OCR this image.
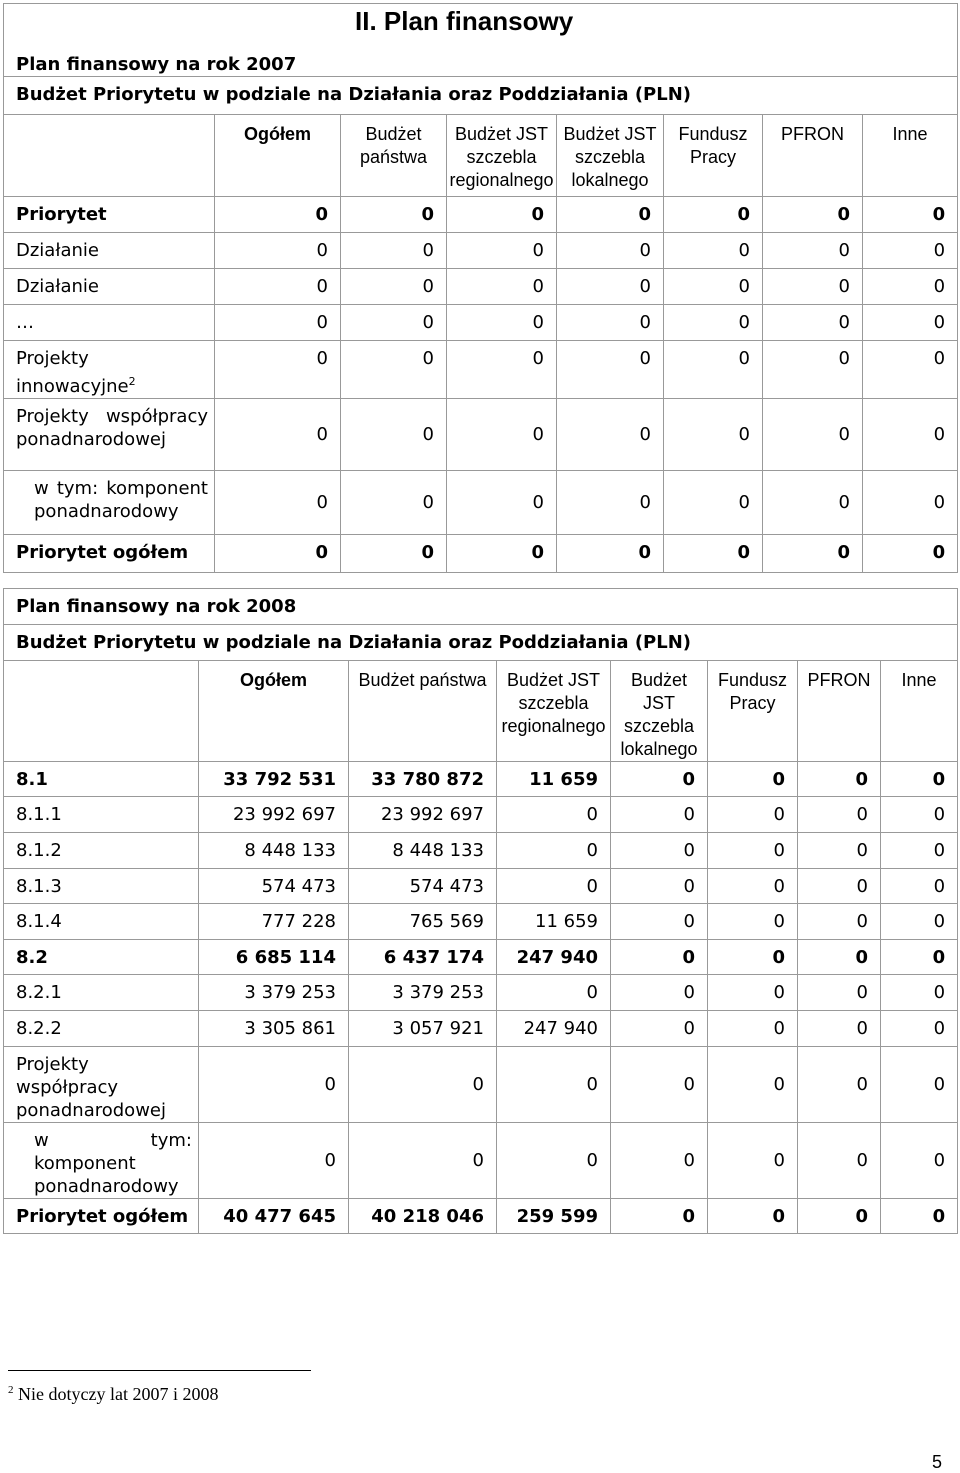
II. Plan finansowy
Plan finansowy na rok 2007							
Budżet Priorytetu w podziale na Działania oraz Poddziałania (PLN)							
	Ogółem	Budżet państwa	Budżet JST szczebla regionalnego	Budżet JST szczebla lokalnego	Fundusz Pracy	PFRON	Inne
Priorytet	0	0	0	0	0	0	0
Działanie	0	0	0	0	0	0	0
Działanie	0	0	0	0	0	0	0
…	0	0	0	0	0	0	0
Projekty innowacyjne$^2$	0	0	0	0	0	0	0
Projekty współpracy ponadnarodowej	0	0	0	0	0	0	0
w tym: komponent ponadnarodowy	0	0	0	0	0	0	0
Priorytet ogółem	0	0	0	0	0	0	0
Plan finansowy na rok 2008							
Budżet Priorytetu w podziale na Działania oraz Poddziałania (PLN)							
	Ogółem	Budżet państwa	Budżet JST szczebla regionalnego	Budżet JST szczebla lokalnego	Fundusz Pracy	PFRON	Inne
8.1	33 792 531	33 780 872	11 659	0	0	0	0
8.1.1	23 992 697	23 992 697	0	0	0	0	0
8.1.2	8 448 133	8 448 133	0	0	0	0	0
8.1.3	574 473	574 473	0	0	0	0	0
8.1.4	777 228	765 569	11 659	0	0	0	0
8.2	6 685 114	6 437 174	247 940	0	0	0	0
8.2.1	3 379 253	3 379 253	0	0	0	0	0
8.2.2	3 305 861	3 057 921	247 940	0	0	0	0
Projekty współpracy ponadnarodowej	0	0	0	0	0	0	0
w tym: komponent ponadnarodowy	0	0	0	0	0	0	0
Priorytet ogółem	40 477 645	40 218 046	259 599	0	0	0	0
$^2$ Nie dotyczy lat 2007 i 2008
5
